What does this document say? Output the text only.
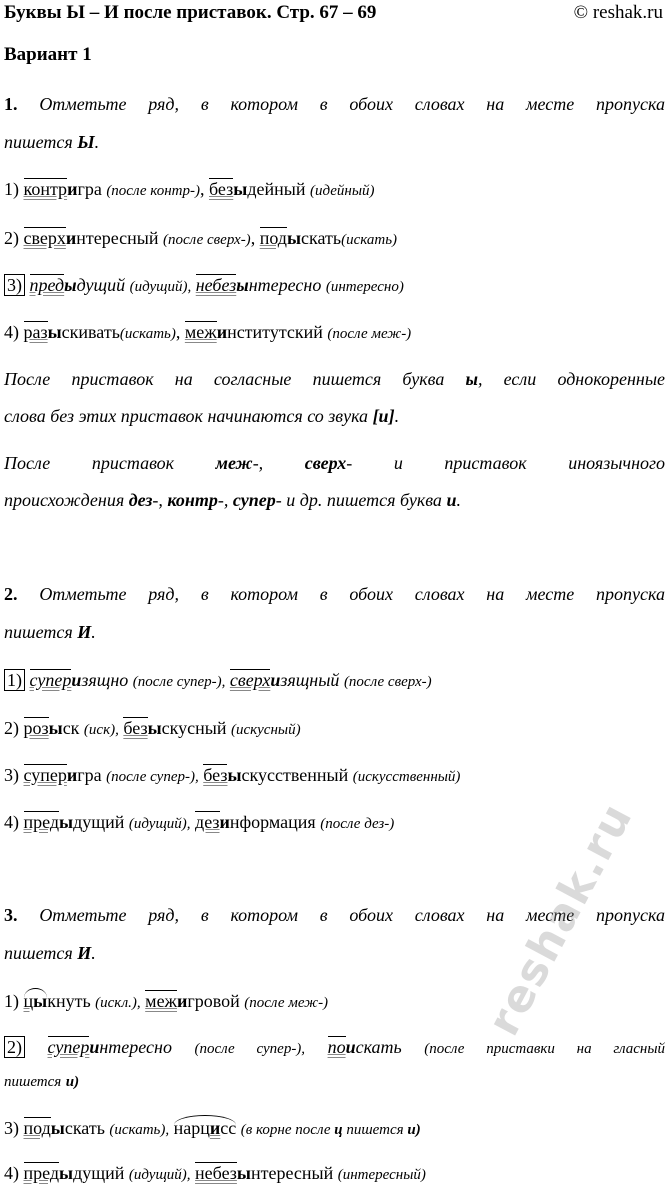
Буквы Ы – И после приставок. Стр. 67 – 69	© reshak.ru
Вариант 1
1. Отметьте ряд, в котором в обоих словах на месте пропуска
пишется Ы.
1) контригра (после контр-), безыдейный (идейный)
2) сверхинтересный (после сверх-), подыскать(искать)
3) предыдущий (идущий), небезынтересно (интересно)
4) разыскивать(искать), межинститутский (после меж-)
После приставок на согласные пишется буква ы, если однокоренные
слова без этих приставок начинаются со звука [и].
После приставок меж-, сверх- и приставок иноязычного
происхождения дез-, контр-, супер- и др. пишется буква и.
2. Отметьте ряд, в котором в обоих словах на месте пропуска
пишется И.
1) суперизящно (после супер-), сверхизящный (после сверх-)
2) розыск (иск), безыскусный (искусный)
3) суперигра (после супер-), безыскусственный (искусственный)
4) предыдущий (идущий), дезинформация (после дез-)
3. Отметьте ряд, в котором в обоих словах на месте пропуска
пишется И.
1) цыкнуть (искл.), межигровой (после меж-)
2) суперинтересно (после супер-), поискать (после приставки на гласный
пишется и)
3) подыскать (искать), нарцисс (в корне после ц пишется и)
4) предыдущий (идущий), небезынтересный (интересный)
reshak.ru
